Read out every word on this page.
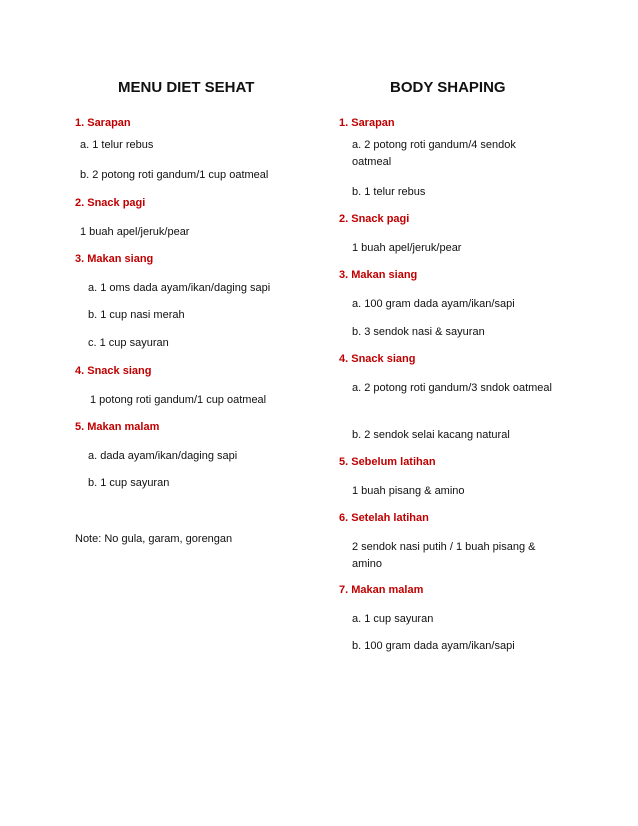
MENU DIET SEHAT
1. Sarapan
a. 1 telur rebus
b. 2 potong roti gandum/1 cup oatmeal
2. Snack pagi
1 buah apel/jeruk/pear
3. Makan siang
a. 1 oms dada ayam/ikan/daging sapi
b. 1 cup nasi merah
c. 1 cup sayuran
4. Snack siang
1 potong roti gandum/1 cup oatmeal
5. Makan malam
a. dada ayam/ikan/daging sapi
b. 1 cup sayuran
Note: No gula, garam, gorengan
BODY SHAPING
1. Sarapan
a. 2 potong roti gandum/4 sendok oatmeal
b. 1 telur rebus
2. Snack pagi
1 buah apel/jeruk/pear
3. Makan siang
a. 100 gram dada ayam/ikan/sapi
b. 3 sendok nasi & sayuran
4. Snack siang
a. 2 potong roti gandum/3 sndok oatmeal
b. 2 sendok selai kacang natural
5. Sebelum latihan
1 buah pisang & amino
6. Setelah latihan
2 sendok nasi putih / 1 buah pisang & amino
7. Makan malam
a. 1 cup sayuran
b. 100 gram dada ayam/ikan/sapi
